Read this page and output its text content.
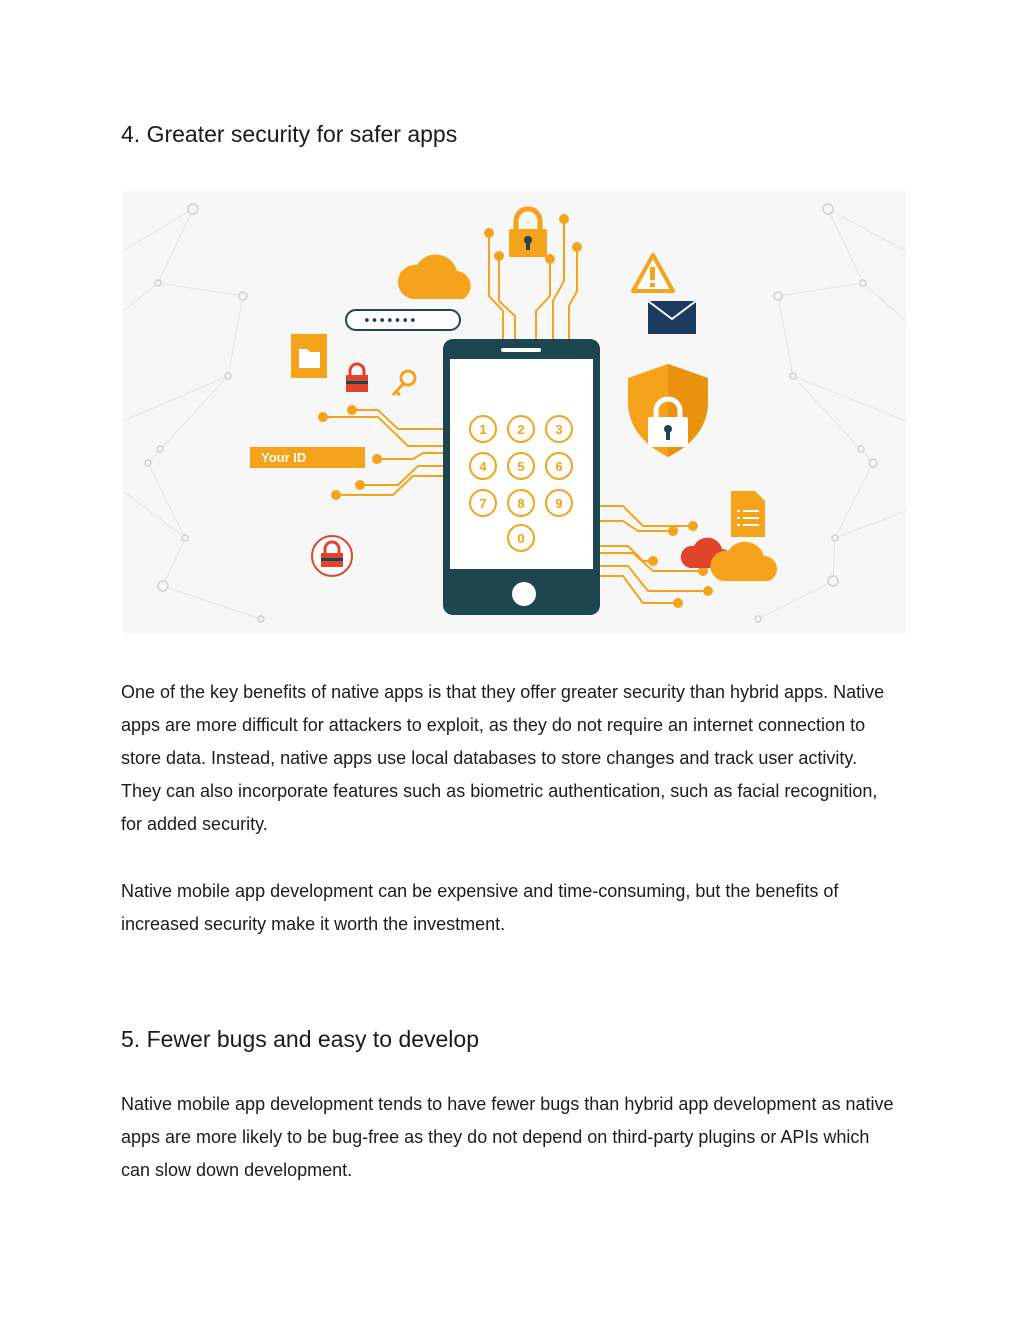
4. Greater security for safer apps
•••••••
Your ID
1 2 3
4 5 6
7 8 9
0
One of the key benefits of native apps is that they offer greater security than hybrid apps. Native apps are more difficult for attackers to exploit, as they do not require an internet connection to store data. Instead, native apps use local databases to store changes and track user activity. They can also incorporate features such as biometric authentication, such as facial recognition, for added security.
Native mobile app development can be expensive and time-consuming, but the benefits of increased security make it worth the investment.
5. Fewer bugs and easy to develop
Native mobile app development tends to have fewer bugs than hybrid app development as native apps are more likely to be bug-free as they do not depend on third-party plugins or APIs which can slow down development.
